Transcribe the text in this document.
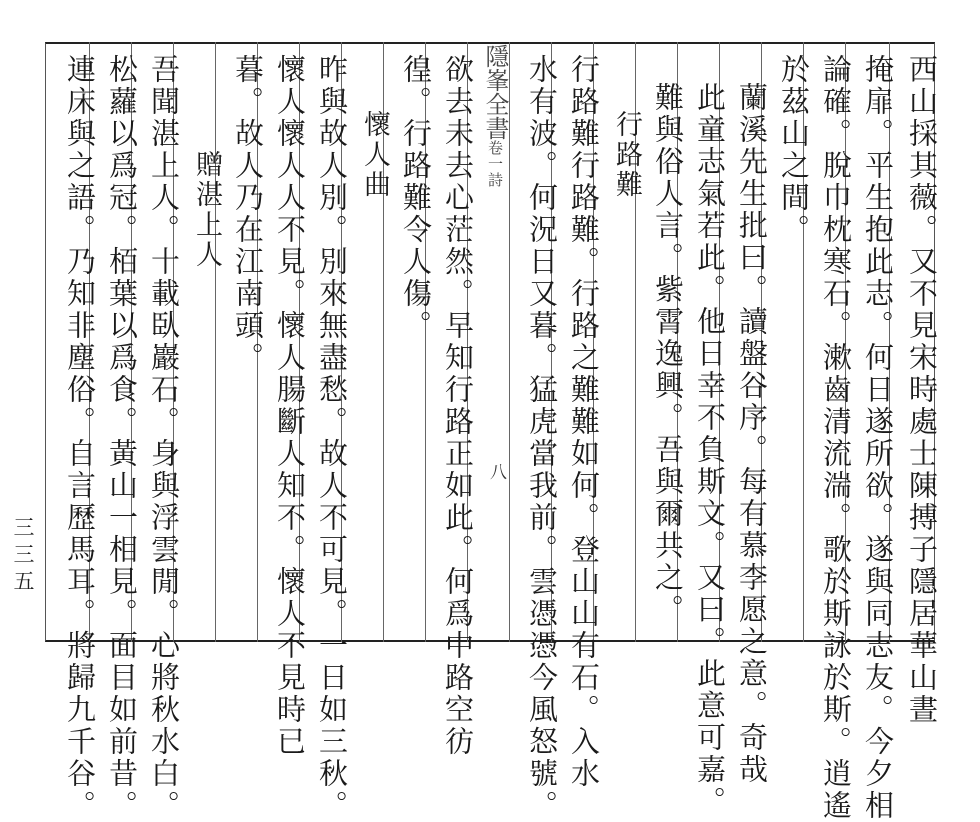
西山採其薇。又不見宋時處士陳搏子隱居華山晝
掩扉。平生抱此志。何日遂所欲。遂與同志友。今夕相
論確。脫巾枕寒石。漱齒清流湍。歌於斯詠於斯。逍遙
於茲山之間。
蘭溪先生批曰。讀盤谷序。每有慕李愿之意。奇哉
此童志氣若此。他日幸不負斯文。又曰。此意可嘉。
難與俗人言。紫霄逸興。吾與爾共之。
行路難
行路難行路難。行路之難難如何。登山山有石。入水
水有波。何況日又暮。猛虎當我前。雲憑憑今風怒號。
欲去未去心茫然。早知行路正如此。何爲中路空彷
徨。行路難令人傷。
懷人曲
昨與故人別。別來無盡愁。故人不可見。一日如三秋。
懷人懷人人不見。懷人腸斷人知不。懷人不見時已
暮。故人乃在江南頭。
贈湛上人
吾聞湛上人。十載臥巖石。身與浮雲閒。心將秋水白。
松蘿以爲冠。栢葉以爲食。黃山一相見。面目如前昔。
連床與之語。乃知非塵俗。自言歷馬耳。將歸九千谷。	隱峯全書卷一詩
八
三三五
